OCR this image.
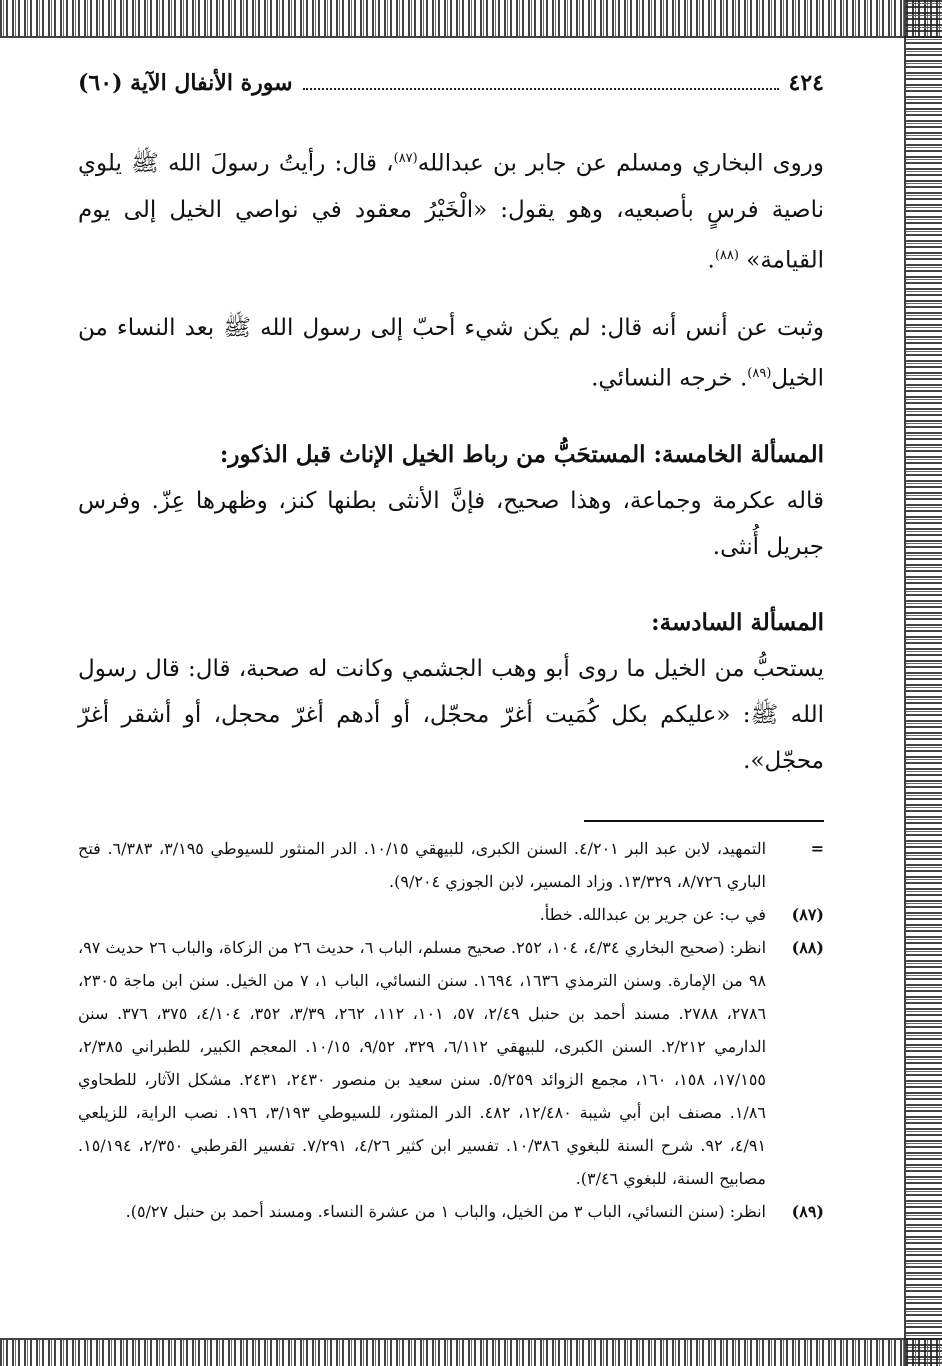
٤٢٤
سورة الأنفال الآية (٦٠)

وروى البخاري ومسلم عن جابر بن عبدالله$^{(٨٧)}$، قال: رأيتُ رسولَ الله ﷺ يلوي ناصية فرسٍ بأصبعيه، وهو يقول: «الْخَيْرُ معقود في نواصي الخيل إلى يوم القيامة» $^{(٨٨)}$.

وثبت عن أنس أنه قال: لم يكن شيء أحبّ إلى رسول الله ﷺ بعد النساء من الخيل$^{(٨٩)}$. خرجه النسائي.

المسألة الخامسة: المستحَبُّ من رباط الخيل الإناث قبل الذكور:

قاله عكرمة وجماعة، وهذا صحيح، فإنَّ الأنثى بطنها كنز، وظهرها عِزّ. وفرس جبريل أُنثى.

المسألة السادسة:

يستحبُّ من الخيل ما روى أبو وهب الجشمي وكانت له صحبة، قال: قال رسول الله ﷺ: «عليكم بكل كُمَيت أغرّ محجّل، أو أدهم أغرّ محجل، أو أشقر أغرّ محجّل».

=
التمهيد، لابن عبد البر ٤/٢٠١. السنن الكبرى، للبيهقي ١٠/١٥. الدر المنثور للسيوطي ٣/١٩٥، ٦/٣٨٣. فتح الباري ٨/٧٢٦، ١٣/٣٢٩. وزاد المسير، لابن الجوزي ٩/٢٠٤).
(٨٧)
في ب: عن جرير بن عبدالله. خطأ.
(٨٨)
انظر: (صحيح البخاري ٤/٣٤، ١٠٤، ٢٥٢. صحيح مسلم، الباب ٦، حديث ٢٦ من الزكاة، والباب ٢٦ حديث ٩٧، ٩٨ من الإمارة. وسنن الترمذي ١٦٣٦، ١٦٩٤. سنن النسائي، الباب ١، ٧ من الخيل. سنن ابن ماجة ٢٣٠٥، ٢٧٨٦، ٢٧٨٨. مسند أحمد بن حنبل ٢/٤٩، ٥٧، ١٠١، ١١٢، ٢٦٢، ٣/٣٩، ٣٥٢، ٤/١٠٤، ٣٧٥، ٣٧٦. سنن الدارمي ٢/٢١٢. السنن الكبرى، للبيهقي ٦/١١٢، ٣٢٩، ٩/٥٢، ١٠/١٥. المعجم الكبير، للطبراني ٢/٣٨٥، ١٧/١٥٥، ١٥٨، ١٦٠، مجمع الزوائد ٥/٢٥٩. سنن سعيد بن منصور ٢٤٣٠، ٢٤٣١. مشكل الآثار، للطحاوي ١/٨٦. مصنف ابن أبي شيبة ١٢/٤٨٠، ٤٨٢. الدر المنثور، للسيوطي ٣/١٩٣، ١٩٦. نصب الراية، للزيلعي ٤/٩١، ٩٢. شرح السنة للبغوي ١٠/٣٨٦. تفسير ابن كثير ٤/٢٦، ٧/٢٩١. تفسير القرطبي ٢/٣٥٠، ١٥/١٩٤. مصابيح السنة، للبغوي ٣/٤٦).
(٨٩)
انظر: (سنن النسائي، الباب ٣ من الخيل، والباب ١ من عشرة النساء. ومسند أحمد بن حنبل ٥/٢٧).
